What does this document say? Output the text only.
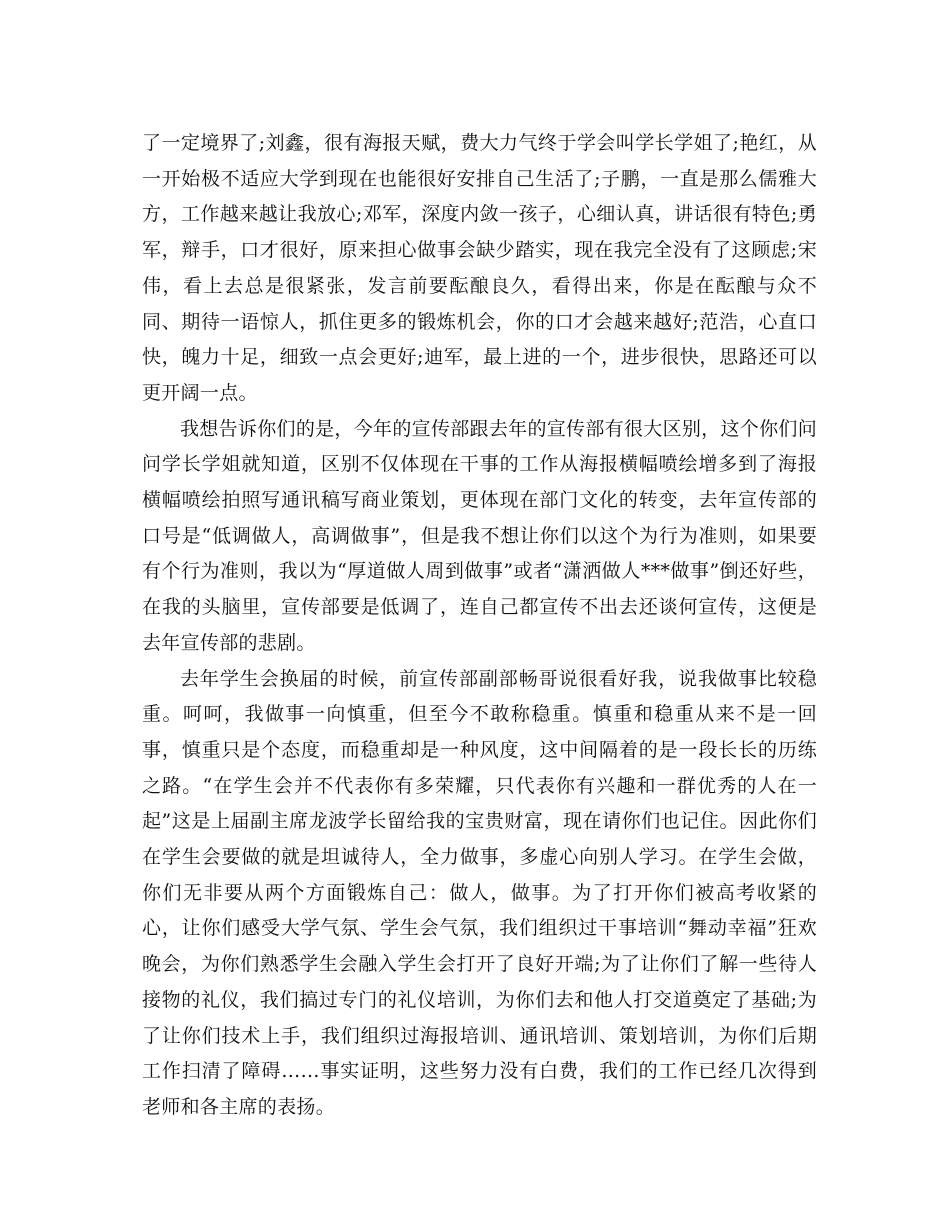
了一定境界了;刘鑫，很有海报天赋，费大力气终于学会叫学长学姐了;艳红，从一开始极不适应大学到现在也能很好安排自己生活了;子鹏，一直是那么儒雅大方，工作越来越让我放心;邓军，深度内敛一孩子，心细认真，讲话很有特色;勇军，辩手，口才很好，原来担心做事会缺少踏实，现在我完全没有了这顾虑;宋伟，看上去总是很紧张，发言前要酝酿良久，看得出来，你是在酝酿与众不同、期待一语惊人，抓住更多的锻炼机会，你的口才会越来越好;范浩，心直口快，魄力十足，细致一点会更好;迪军，最上进的一个，进步很快，思路还可以更开阔一点。

我想告诉你们的是，今年的宣传部跟去年的宣传部有很大区别，这个你们问问学长学姐就知道，区别不仅体现在干事的工作从海报横幅喷绘增多到了海报横幅喷绘拍照写通讯稿写商业策划，更体现在部门文化的转变，去年宣传部的口号是“低调做人，高调做事”，但是我不想让你们以这个为行为准则，如果要有个行为准则，我以为“厚道做人周到做事”或者“潇洒做人***做事”倒还好些，在我的头脑里，宣传部要是低调了，连自己都宣传不出去还谈何宣传，这便是去年宣传部的悲剧。

去年学生会换届的时候，前宣传部副部畅哥说很看好我，说我做事比较稳重。呵呵，我做事一向慎重，但至今不敢称稳重。慎重和稳重从来不是一回事，慎重只是个态度，而稳重却是一种风度，这中间隔着的是一段长长的历练之路。“在学生会并不代表你有多荣耀，只代表你有兴趣和一群优秀的人在一起”这是上届副主席龙波学长留给我的宝贵财富，现在请你们也记住。因此你们在学生会要做的就是坦诚待人，全力做事，多虚心向别人学习。在学生会做，你们无非要从两个方面锻炼自己：做人，做事。为了打开你们被高考收紧的心，让你们感受大学气氛、学生会气氛，我们组织过干事培训“舞动幸福”狂欢晚会，为你们熟悉学生会融入学生会打开了良好开端;为了让你们了解一些待人接物的礼仪，我们搞过专门的礼仪培训，为你们去和他人打交道奠定了基础;为了让你们技术上手，我们组织过海报培训、通讯培训、策划培训，为你们后期工作扫清了障碍……事实证明，这些努力没有白费，我们的工作已经几次得到老师和各主席的表扬。
